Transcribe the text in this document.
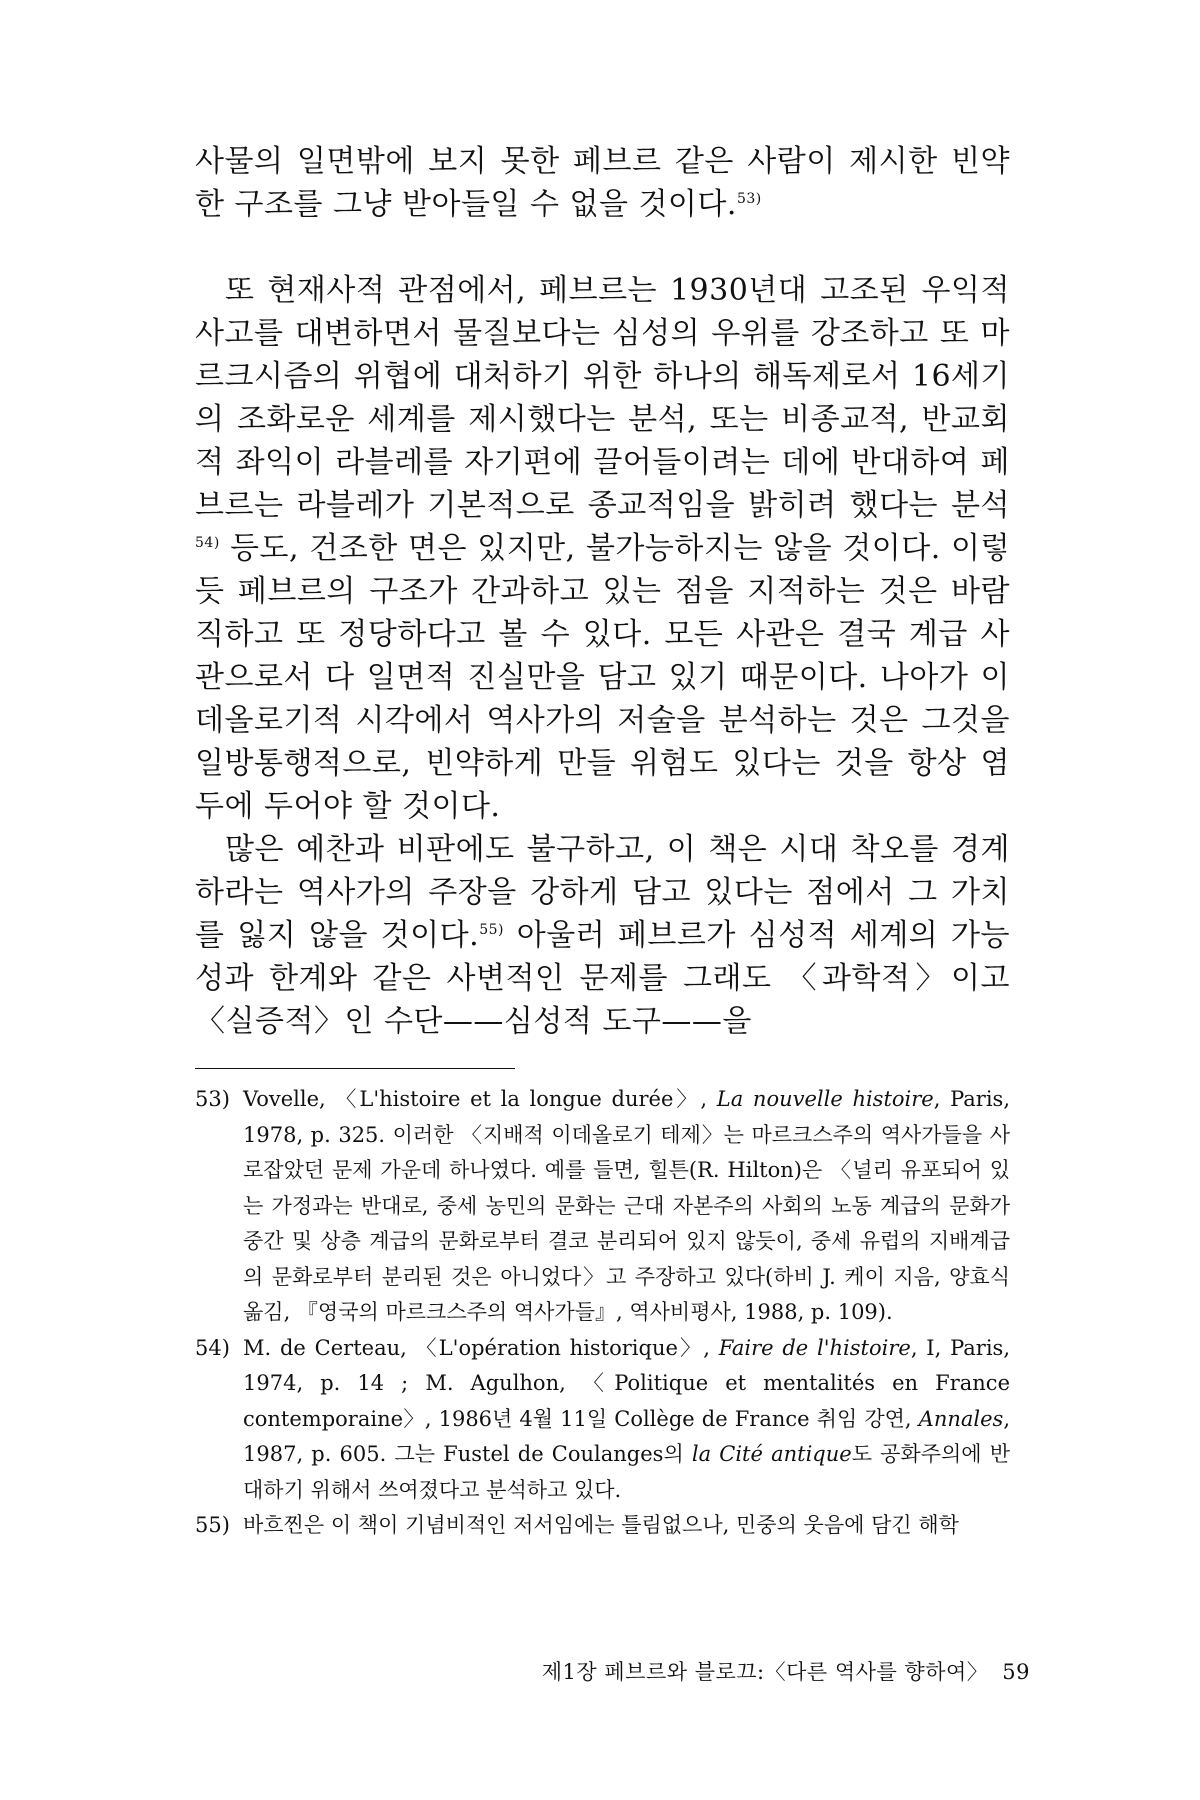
사물의 일면밖에 보지 못한 페브르 같은 사람이 제시한 빈약한 구조를 그냥 받아들일 수 없을 것이다.$^{53)}$

또 현재사적 관점에서, 페브르는 1930년대 고조된 우익적 사고를 대변하면서 물질보다는 심성의 우위를 강조하고 또 마르크시즘의 위협에 대처하기 위한 하나의 해독제로서 16세기의 조화로운 세계를 제시했다는 분석, 또는 비종교적, 반교회적 좌익이 라블레를 자기편에 끌어들이려는 데에 반대하여 페브르는 라블레가 기본적으로 종교적임을 밝히려 했다는 분석$^{54)}$ 등도, 건조한 면은 있지만, 불가능하지는 않을 것이다. 이렇듯 페브르의 구조가 간과하고 있는 점을 지적하는 것은 바람직하고 또 정당하다고 볼 수 있다. 모든 사관은 결국 계급 사관으로서 다 일면적 진실만을 담고 있기 때문이다. 나아가 이데올로기적 시각에서 역사가의 저술을 분석하는 것은 그것을 일방통행적으로, 빈약하게 만들 위험도 있다는 것을 항상 염두에 두어야 할 것이다.

많은 예찬과 비판에도 불구하고, 이 책은 시대 착오를 경계하라는 역사가의 주장을 강하게 담고 있다는 점에서 그 가치를 잃지 않을 것이다.$^{55)}$ 아울러 페브르가 심성적 세계의 가능성과 한계와 같은 사변적인 문제를 그래도 〈과학적〉이고 〈실증적〉인 수단——심성적 도구——을

53) Vovelle, 〈L'histoire et la longue durée〉, La nouvelle histoire, Paris, 1978, p. 325. 이러한 〈지배적 이데올로기 테제〉는 마르크스주의 역사가들을 사로잡았던 문제 가운데 하나였다. 예를 들면, 힐튼(R. Hilton)은 〈널리 유포되어 있는 가정과는 반대로, 중세 농민의 문화는 근대 자본주의 사회의 노동 계급의 문화가 중간 및 상층 계급의 문화로부터 결코 분리되어 있지 않듯이, 중세 유럽의 지배계급의 문화로부터 분리된 것은 아니었다〉고 주장하고 있다(하비 J. 케이 지음, 양효식 옮김, 『영국의 마르크스주의 역사가들』, 역사비평사, 1988, p. 109).
54) M. de Certeau, 〈L'opération historique〉, Faire de l'histoire, I, Paris, 1974, p. 14 ; M. Agulhon, 〈Politique et mentalités en France contemporaine〉, 1986년 4월 11일 Collège de France 취임 강연, Annales, 1987, p. 605. 그는 Fustel de Coulanges의 la Cité antique도 공화주의에 반대하기 위해서 쓰여졌다고 분석하고 있다.
55) 바흐찐은 이 책이 기념비적인 저서임에는 틀림없으나, 민중의 웃음에 담긴 해학
제1장 페브르와 블로끄:〈다른 역사를 향하여〉 59
